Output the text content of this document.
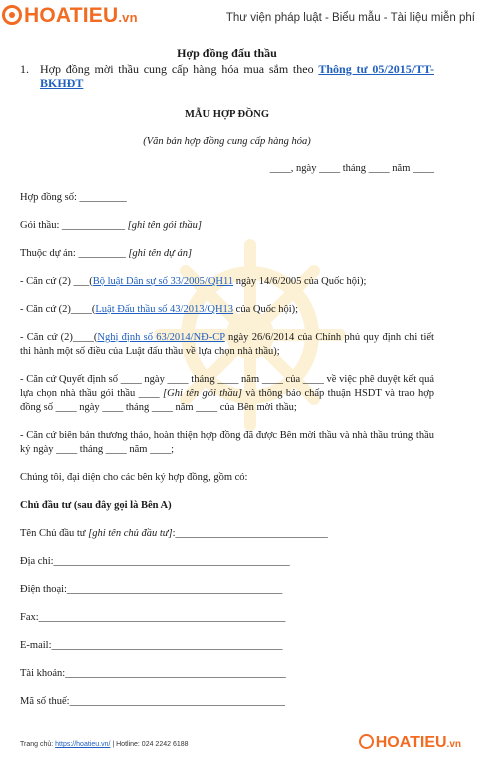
HOATIEU.vn	Thư viện pháp luật - Biểu mẫu - Tài liệu miễn phí
Hợp đồng đấu thầu
1. Hợp đồng mời thầu cung cấp hàng hóa mua sắm theo Thông tư 05/2015/TT-BKHĐT

MẪU HỢP ĐỒNG

(Văn bản hợp đồng cung cấp hàng hóa)

____, ngày ____ tháng ____ năm ____

Hợp đồng số: _________

Gói thầu: ____________ [ghi tên gói thầu]

Thuộc dự án: _________ [ghi tên dự án]

- Căn cứ (2) ___(Bộ luật Dân sự số 33/2005/QH11 ngày 14/6/2005 của Quốc hội);

- Căn cứ (2)____(Luật Đấu thầu số 43/2013/QH13 của Quốc hội);

- Căn cứ (2)____(Nghị định số 63/2014/NĐ-CP ngày 26/6/2014 của Chính phủ quy định chi tiết thi hành một số điều của Luật đấu thầu về lựa chọn nhà thầu);

- Căn cứ Quyết định số ____ ngày ____ tháng ____ năm ____ của ____ về việc phê duyệt kết quả lựa chọn nhà thầu gói thầu ____ [Ghi tên gói thầu] và thông báo chấp thuận HSDT và trao hợp đồng số ____ ngày ____ tháng ____ năm ____ của Bên mời thầu;

- Căn cứ biên bản thương thảo, hoàn thiện hợp đồng đã được Bên mời thầu và nhà thầu trúng thầu ký ngày ____ tháng ____ năm ____;

Chúng tôi, đại diện cho các bên ký hợp đồng, gồm có:

Chủ đầu tư (sau đây gọi là Bên A)

Tên Chủ đầu tư [ghi tên chủ đầu tư]:_____________________________

Địa chỉ:_____________________________________________

Điện thoại:_________________________________________

Fax:_______________________________________________

E-mail:____________________________________________

Tài khoản:__________________________________________

Mã số thuế:_________________________________________

Trang chủ: https://hoatieu.vn/ | Hotline: 024 2242 6188	HOATIEU.vn
